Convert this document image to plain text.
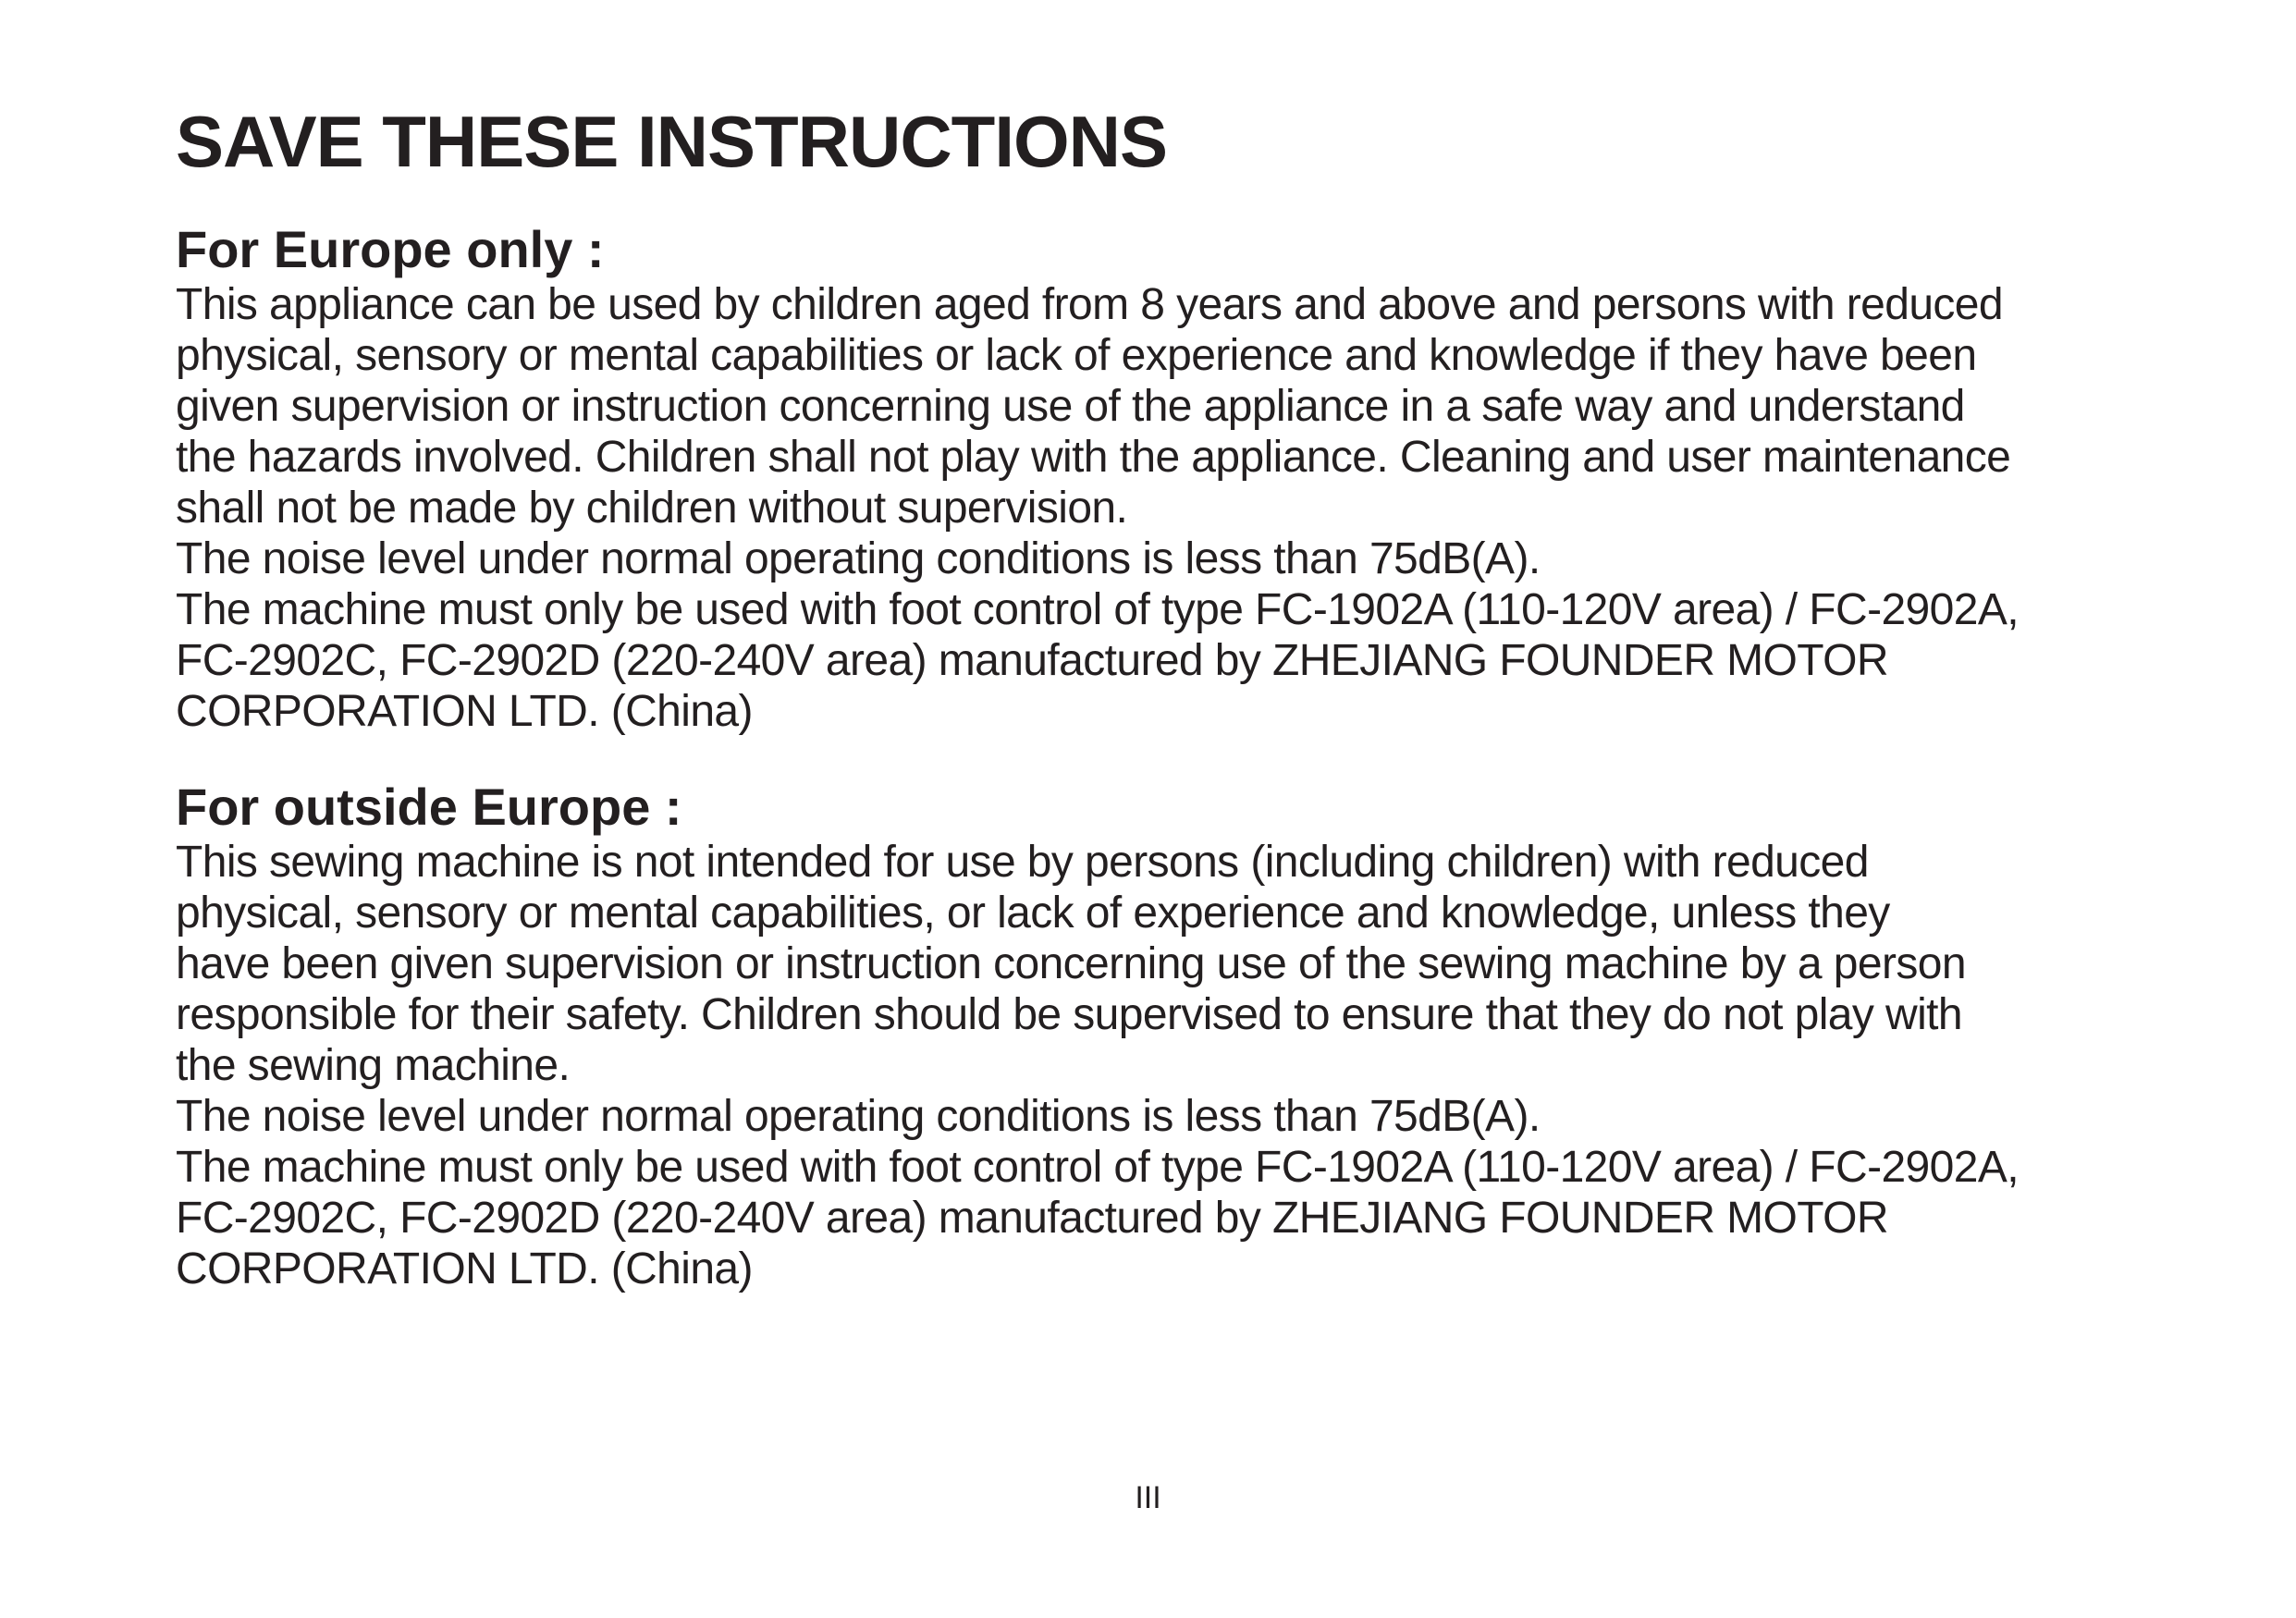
SAVE THESE INSTRUCTIONS
For Europe only :

This appliance can be used by children aged from 8 years and above and persons with reduced
physical, sensory or mental capabilities or lack of experience and knowledge if they have been
given supervision or instruction concerning use of the appliance in a safe way and understand
the hazards involved. Children shall not play with the appliance. Cleaning and user maintenance
shall not be made by children without supervision.

The noise level under normal operating conditions is less than 75dB(A).

The machine must only be used with foot control of type FC-1902A (110-120V area) / FC-2902A,
FC-2902C, FC-2902D (220-240V area) manufactured by ZHEJIANG FOUNDER MOTOR
CORPORATION LTD. (China)

For outside Europe :

This sewing machine is not intended for use by persons (including children) with reduced
physical, sensory or mental capabilities, or lack of experience and knowledge, unless they
have been given supervision or instruction concerning use of the sewing machine by a person
responsible for their safety. Children should be supervised to ensure that they do not play with
the sewing machine.

The noise level under normal operating conditions is less than 75dB(A).

The machine must only be used with foot control of type FC-1902A (110-120V area) / FC-2902A,
FC-2902C, FC-2902D (220-240V area) manufactured by ZHEJIANG FOUNDER MOTOR
CORPORATION LTD. (China)

III
